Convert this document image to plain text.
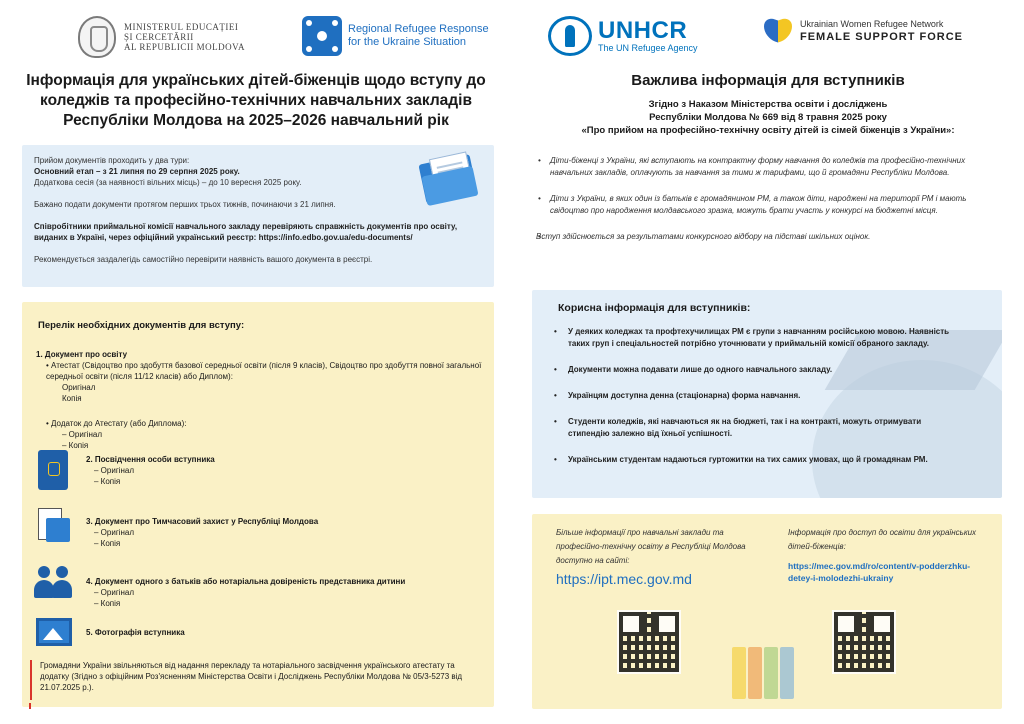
MINISTERUL EDUCAȚIEI
ȘI CERCETĂRII
AL REPUBLICII MOLDOVA
Regional Refugee Response
for the Ukraine Situation
Інформація для українських дітей-біженців щодо вступу до коледжів та професійно-технічних навчальних закладів Республіки Молдова на 2025–2026 навчальний рік

Прийом документів проходить у два тури:

Основний етап – з 21 липня по 29 серпня 2025 року.

Додаткова сесія (за наявності вільних місць) – до 10 вересня 2025 року.

Бажано подати документи протягом перших трьох тижнів, починаючи з 21 липня.

Співробітники приймальної комісії навчального закладу перевіряють справжність документів про освіту, виданих в Україні, через офіційний український реєстр: https://info.edbo.gov.ua/edu-documents/

Рекомендується заздалегідь самостійно перевірити наявність вашого документа в реєстрі.

Перелік необхідних документів для вступу:
1. Документ про освіту
• Атестат (Свідоцтво про здобуття базової середньої освіти (після 9 класів), Свідоцтво про здобуття повної загальної середньої освіти (після 11/12 класів) або Диплом):
Оригінал
Копія
• Додаток до Атестату (або Диплома):
– Оригінал
– Копія
2. Посвідчення особи вступника
– Оригінал
– Копія
3. Документ про Тимчасовий захист у Республіці Молдова
– Оригінал
– Копія
4. Документ одного з батьків або нотаріальна довіреність представника дитини
– Оригінал
– Копія
5. Фотографія вступника
Громадяни України звільняються від надання перекладу та нотаріального засвідчення українського атестату та додатку (Згідно з офіційним Роз'ясненням Міністерства Освіти і Досліджень Республіки Молдова № 05/3-5273 від 21.07.2025 р.).
UNHCR
The UN Refugee Agency
Ukrainian Women Refugee Network
FEMALE SUPPORT FORCE
Важлива інформація для вступників
Згідно з Наказом Міністерства освіти і досліджень
Республіки Молдова № 669 від 8 травня 2025 року
«Про прийом на професійно-технічну освіту дітей із сімей біженців з України»:
• Діти-біженці з України, які вступають на контрактну форму навчання до коледжів та професійно-технічних навчальних закладів, оплачують за навчання за тими ж тарифами, що й громадяни Республіки Молдова.
• Діти з України, в яких один із батьків є громадянином РМ, а також діти, народжені на території РМ і мають свідоцтво про народження молдавського зразка, можуть брати участь у конкурсі на бюджетні місця.
• Вступ здійснюється за результатами конкурсного відбору на підставі шкільних оцінок.
Корисна інформація для вступників:
• У деяких коледжах та профтехучилищах РМ є групи з навчанням російською мовою. Наявність таких груп і спеціальностей потрібно уточнювати у приймальній комісії обраного закладу.
• Документи можна подавати лише до одного навчального закладу.
• Українцям доступна денна (стаціонарна) форма навчання.
• Студенти коледжів, які навчаються як на бюджеті, так і на контракті, можуть отримувати стипендію залежно від їхньої успішності.
• Українським студентам надаються гуртожитки на тих самих умовах, що й громадянам РМ.
Більше інформації про навчальні заклади та професійно-технічну освіту в Республіці Молдова доступно на сайті:
https://ipt.mec.gov.md
Інформація про доступ до освіти для українських дітей-біженців:
https://mec.gov.md/ro/content/v-podderzhku-detey-i-molodezhi-ukrainy
